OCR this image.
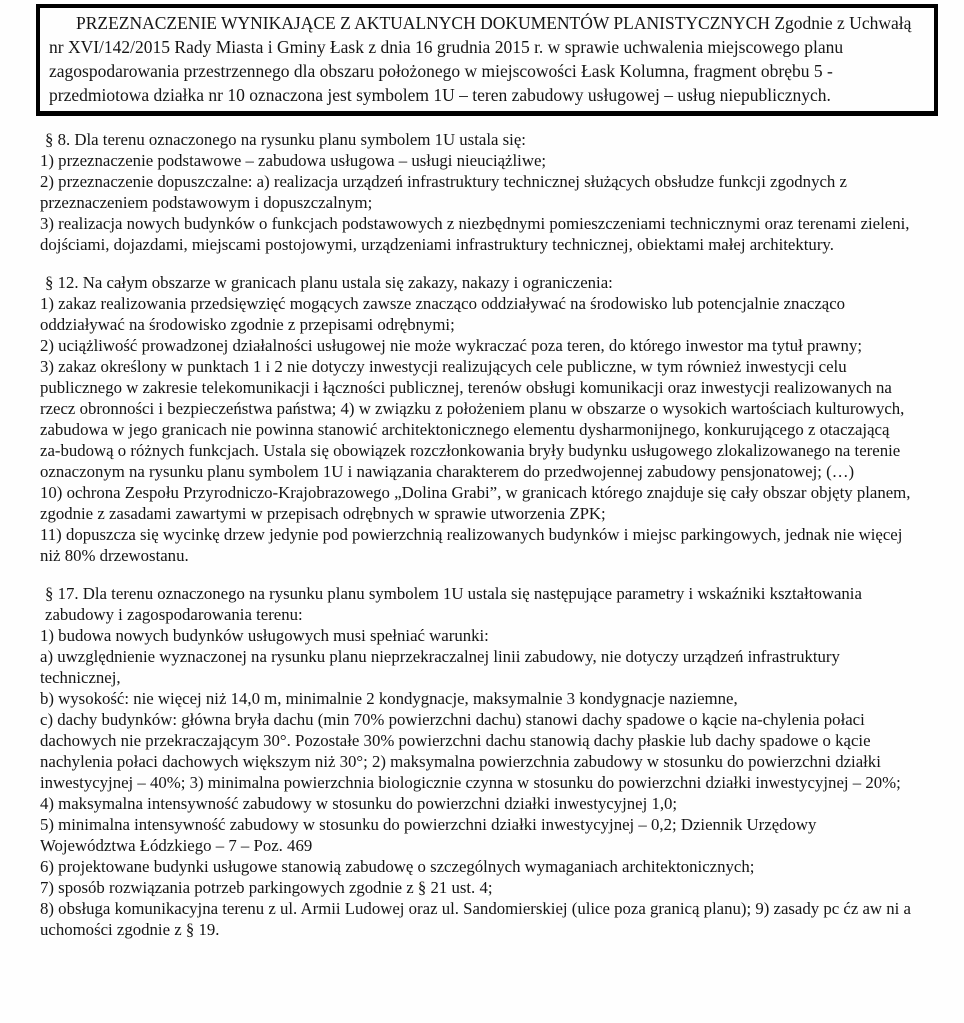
PRZEZNACZENIE WYNIKAJĄCE Z AKTUALNYCH DOKUMENTÓW PLANISTYCZNYCH Zgodnie z Uchwałą nr XVI/142/2015 Rady Miasta i Gminy Łask z dnia 16 grudnia 2015 r. w sprawie uchwalenia miejscowego planu zagospodarowania przestrzennego dla obszaru położonego w miejscowości Łask Kolumna, fragment obrębu 5 - przedmiotowa działka nr 10 oznaczona jest symbolem 1U – teren zabudowy usługowej – usług niepublicznych.

§ 8. Dla terenu oznaczonego na rysunku planu symbolem 1U ustala się:

1) przeznaczenie podstawowe – zabudowa usługowa – usługi nieuciążliwe;

2) przeznaczenie dopuszczalne: a) realizacja urządzeń infrastruktury technicznej służących obsłudze funkcji zgodnych z przeznaczeniem podstawowym i dopuszczalnym;

3) realizacja nowych budynków o funkcjach podstawowych z niezbędnymi pomieszczeniami technicznymi oraz terenami zieleni, dojściami, dojazdami, miejscami postojowymi, urządzeniami infrastruktury technicznej, obiektami małej architektury.

§ 12. Na całym obszarze w granicach planu ustala się zakazy, nakazy i ograniczenia:

1) zakaz realizowania przedsięwzięć mogących zawsze znacząco oddziaływać na środowisko lub potencjalnie znacząco oddziaływać na środowisko zgodnie z przepisami odrębnymi;

2) uciążliwość prowadzonej działalności usługowej nie może wykraczać poza teren, do którego inwestor ma tytuł prawny;

3) zakaz określony w punktach 1 i 2 nie dotyczy inwestycji realizujących cele publiczne, w tym również inwestycji celu publicznego w zakresie telekomunikacji i łączności publicznej, terenów obsługi komunikacji oraz inwestycji realizowanych na rzecz obronności i bezpieczeństwa państwa; 4) w związku z położeniem planu w obszarze o wysokich wartościach kulturowych, zabudowa w jego granicach nie powinna stanowić architektonicznego elementu dysharmonijnego, konkurującego z otaczającą za-budową o różnych funkcjach. Ustala się obowiązek rozczłonkowania bryły budynku usługowego zlokalizowanego na terenie oznaczonym na rysunku planu symbolem 1U i nawiązania charakterem do przedwojennej zabudowy pensjonatowej; (…)

10) ochrona Zespołu Przyrodniczo-Krajobrazowego „Dolina Grabi”, w granicach którego znajduje się cały obszar objęty planem, zgodnie z zasadami zawartymi w przepisach odrębnych w sprawie utworzenia ZPK;

11) dopuszcza się wycinkę drzew jedynie pod powierzchnią realizowanych budynków i miejsc parkingowych, jednak nie więcej niż 80% drzewostanu.

§ 17. Dla terenu oznaczonego na rysunku planu symbolem 1U ustala się następujące parametry i wskaźniki kształtowania zabudowy i zagospodarowania terenu:

1) budowa nowych budynków usługowych musi spełniać warunki:

a) uwzględnienie wyznaczonej na rysunku planu nieprzekraczalnej linii zabudowy, nie dotyczy urządzeń infrastruktury technicznej,

b) wysokość: nie więcej niż 14,0 m, minimalnie 2 kondygnacje, maksymalnie 3 kondygnacje naziemne,

c) dachy budynków: główna bryła dachu (min 70% powierzchni dachu) stanowi dachy spadowe o kącie na-chylenia połaci dachowych nie przekraczającym 30°. Pozostałe 30% powierzchni dachu stanowią dachy płaskie lub dachy spadowe o kącie nachylenia połaci dachowych większym niż 30°; 2) maksymalna powierzchnia zabudowy w stosunku do powierzchni działki inwestycyjnej – 40%; 3) minimalna powierzchnia biologicznie czynna w stosunku do powierzchni działki inwestycyjnej – 20%;

4) maksymalna intensywność zabudowy w stosunku do powierzchni działki inwestycyjnej 1,0;

5) minimalna intensywność zabudowy w stosunku do powierzchni działki inwestycyjnej – 0,2; Dziennik Urzędowy Województwa Łódzkiego – 7 – Poz. 469

6) projektowane budynki usługowe stanowią zabudowę o szczególnych wymaganiach architektonicznych;

7) sposób rozwiązania potrzeb parkingowych zgodnie z § 21 ust. 4;

8) obsługa komunikacyjna terenu z ul. Armii Ludowej oraz ul. Sandomierskiej (ulice poza granicą planu); 9) zasady pc ćz aw ni a uchomości zgodnie z § 19.
